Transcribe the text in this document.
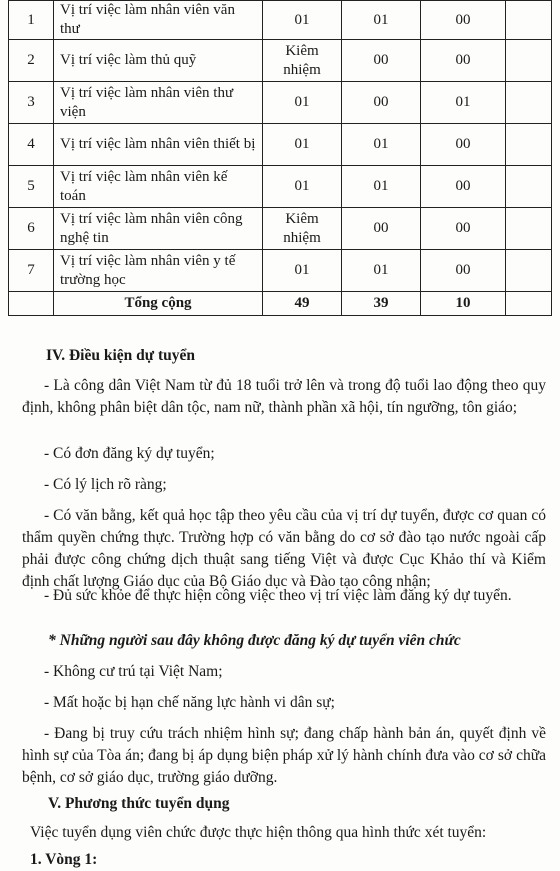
1	Vị trí việc làm nhân viên văn thư	01	01	00	
2	Vị trí việc làm thủ quỹ	Kiêm nhiệm	00	00	
3	Vị trí việc làm nhân viên thư viện	01	00	01	
4	Vị trí việc làm nhân viên thiết bị	01	01	00	
5	Vị trí việc làm nhân viên kế toán	01	01	00	
6	Vị trí việc làm nhân viên công nghệ tin	Kiêm nhiệm	00	00	
7	Vị trí việc làm nhân viên y tế trường học	01	01	00	
	Tổng cộng	49	39	10	
IV. Điều kiện dự tuyển
- Là công dân Việt Nam từ đủ 18 tuổi trở lên và trong độ tuổi lao động theo quy định, không phân biệt dân tộc, nam nữ, thành phần xã hội, tín ngưỡng, tôn giáo;
- Có đơn đăng ký dự tuyển;
- Có lý lịch rõ ràng;
- Có văn bằng, kết quả học tập theo yêu cầu của vị trí dự tuyển, được cơ quan có thẩm quyền chứng thực. Trường hợp có văn bằng do cơ sở đào tạo nước ngoài cấp phải được công chứng dịch thuật sang tiếng Việt và được Cục Khảo thí và Kiểm định chất lượng Giáo dục của Bộ Giáo dục và Đào tạo công nhận;
- Đủ sức khỏe để thực hiện công việc theo vị trí việc làm đăng ký dự tuyển.
* Những người sau đây không được đăng ký dự tuyển viên chức
- Không cư trú tại Việt Nam;
- Mất hoặc bị hạn chế năng lực hành vi dân sự;
- Đang bị truy cứu trách nhiệm hình sự; đang chấp hành bản án, quyết định về hình sự của Tòa án; đang bị áp dụng biện pháp xử lý hành chính đưa vào cơ sở chữa bệnh, cơ sở giáo dục, trường giáo dưỡng.
V. Phương thức tuyển dụng
Việc tuyển dụng viên chức được thực hiện thông qua hình thức xét tuyển:
1. Vòng 1:
